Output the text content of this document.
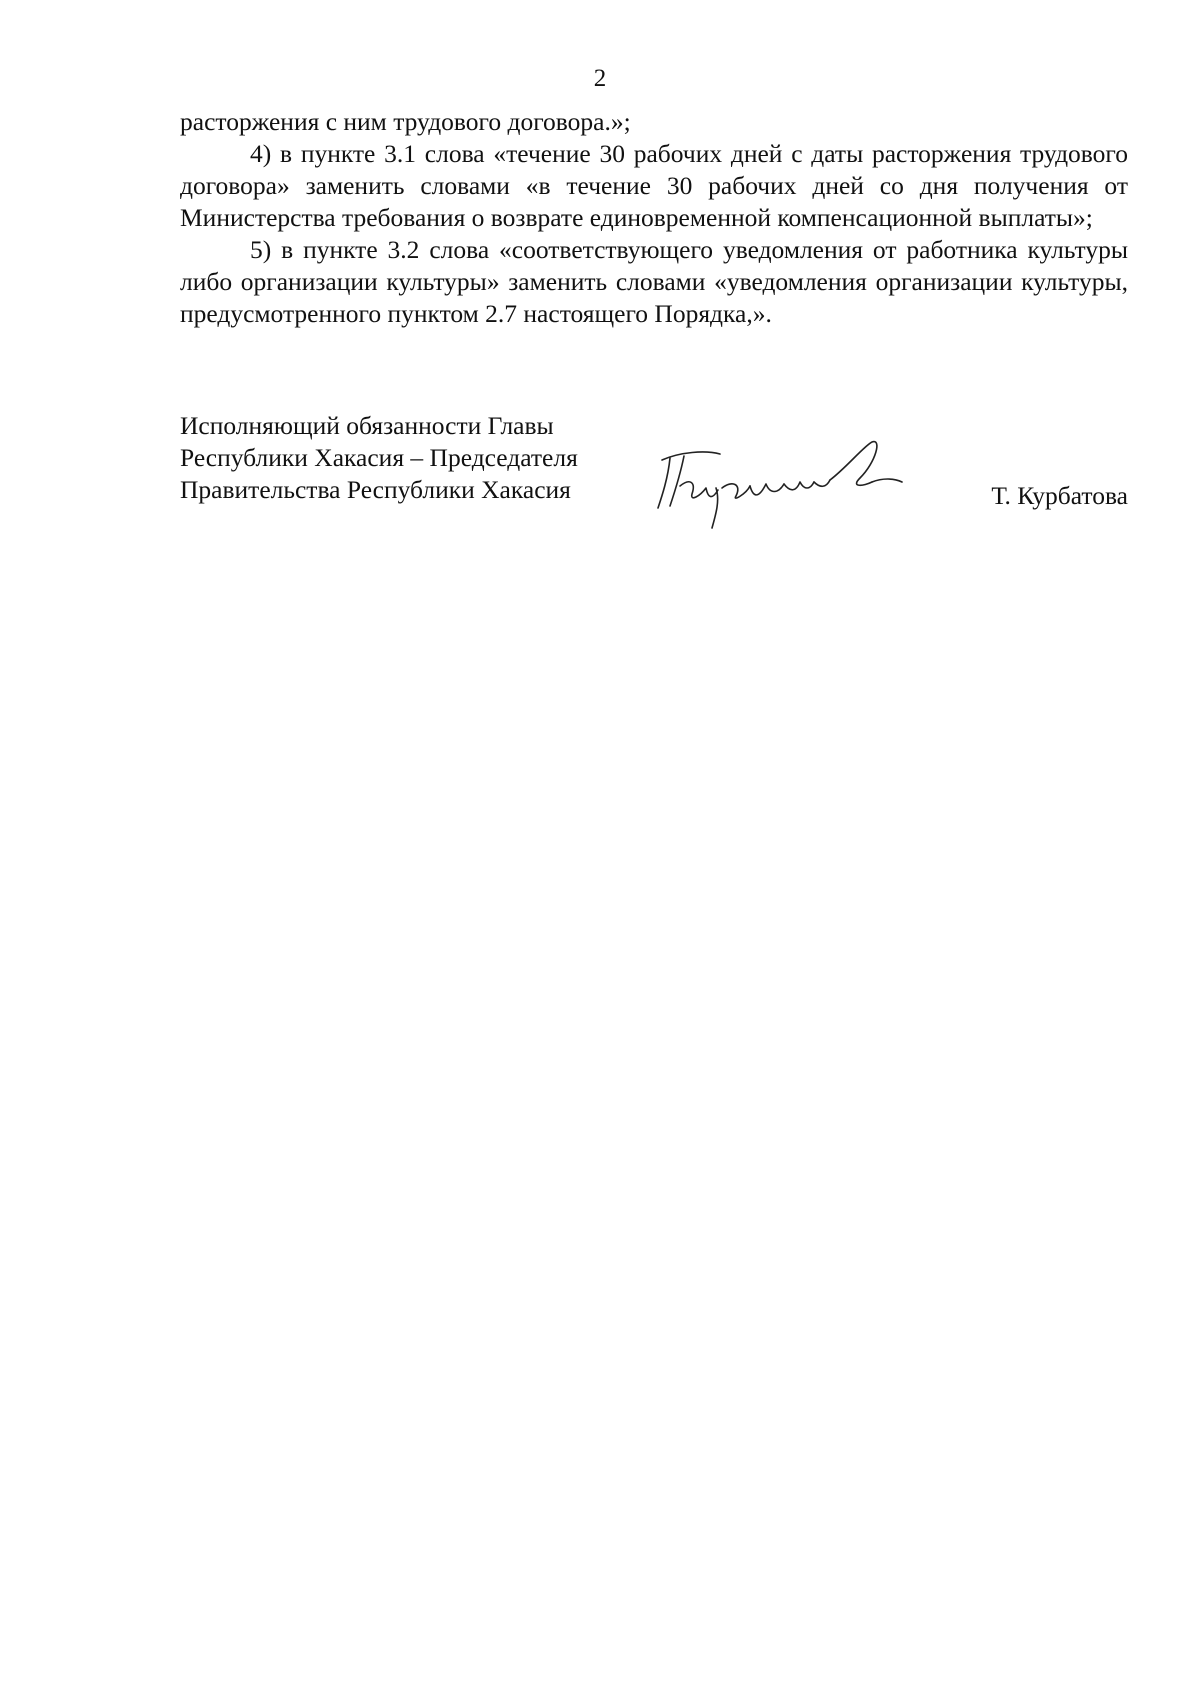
2

расторжения с ним трудового договора.»;

4) в пункте 3.1 слова «течение 30 рабочих дней с даты расторжения трудового договора» заменить словами «в течение 30 рабочих дней со дня получения от Министерства требования о возврате единовременной компенсационной выплаты»;

5) в пункте 3.2 слова «соответствующего уведомления от работника культуры либо организации культуры» заменить словами «уведомления организации культуры, предусмотренного пунктом 2.7 настоящего Порядка,».

Исполняющий обязанности Главы
Республики Хакасия – Председателя
Правительства Республики Хакасия	Т. Курбатова
